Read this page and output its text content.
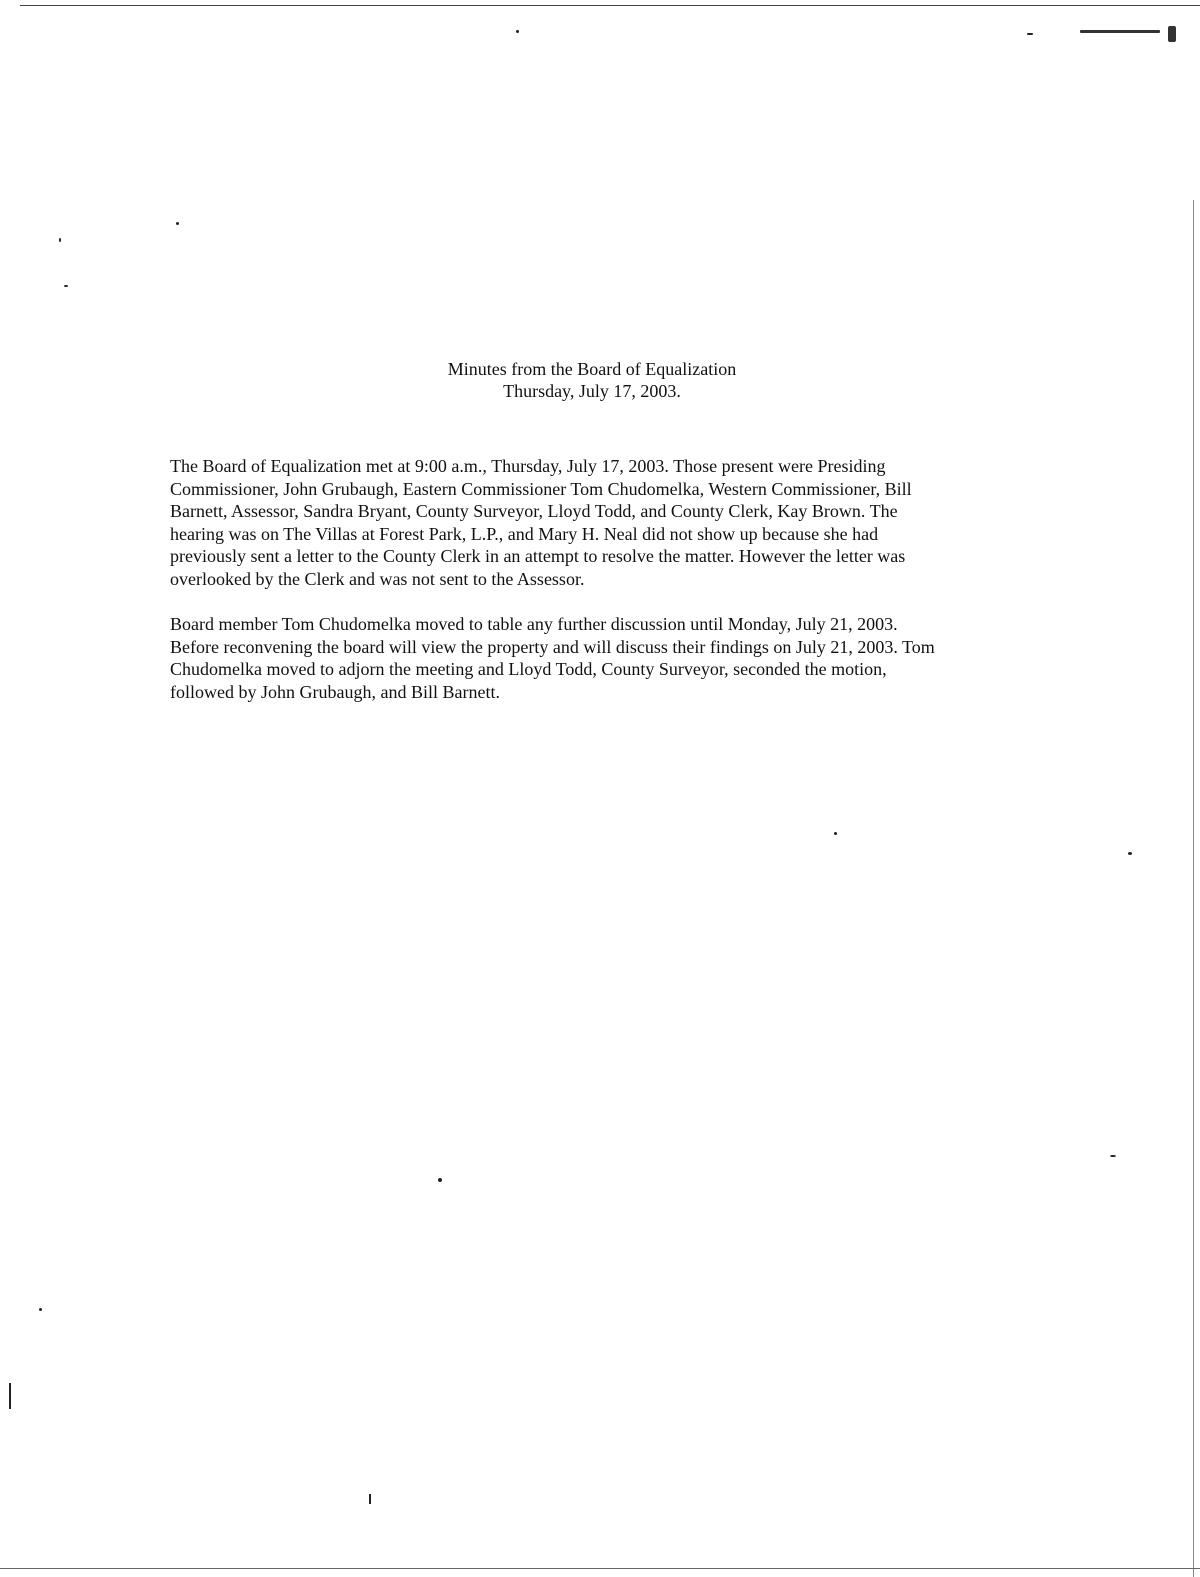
Minutes from the Board of Equalization
Thursday, July 17, 2003.

The Board of Equalization met at 9:00 a.m., Thursday, July 17, 2003. Those present were Presiding
Commissioner, John Grubaugh, Eastern Commissioner Tom Chudomelka, Western Commissioner, Bill
Barnett, Assessor, Sandra Bryant, County Surveyor, Lloyd Todd, and County Clerk, Kay Brown. The
hearing was on The Villas at Forest Park, L.P., and Mary H. Neal did not show up because she had
previously sent a letter to the County Clerk in an attempt to resolve the matter. However the letter was
overlooked by the Clerk and was not sent to the Assessor.

Board member Tom Chudomelka moved to table any further discussion until Monday, July 21, 2003.
Before reconvening the board will view the property and will discuss their findings on July 21, 2003. Tom
Chudomelka moved to adjorn the meeting and Lloyd Todd, County Surveyor, seconded the motion,
followed by John Grubaugh, and Bill Barnett.
